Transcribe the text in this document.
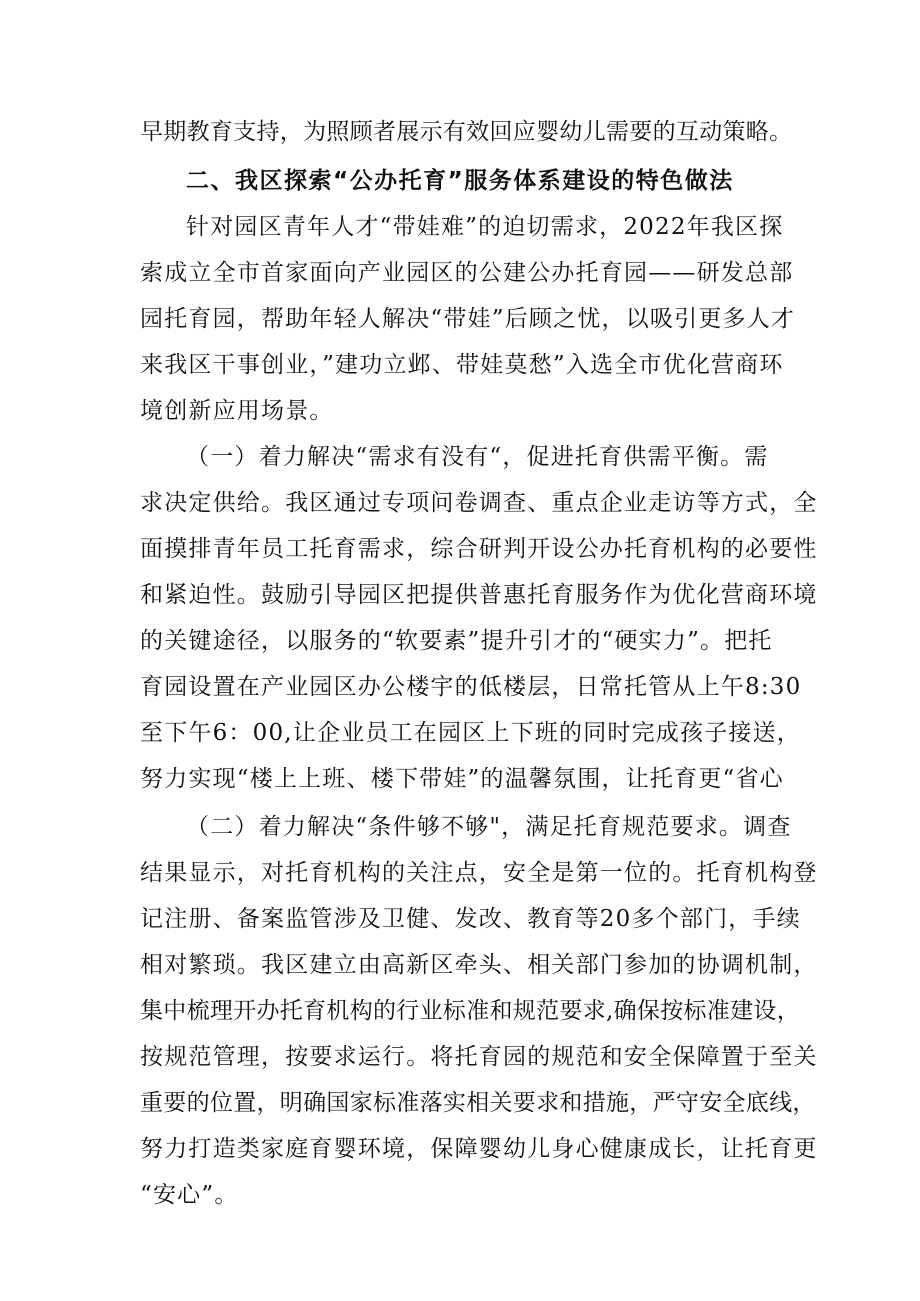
早期教育支持，为照顾者展示有效回应婴幼儿需要的互动策略。
二、我区探索“公办托育”服务体系建设的特色做法
针对园区青年人才“带娃难”的迫切需求，2022年我区探
索成立全市首家面向产业园区的公建公办托育园——研发总部
园托育园，帮助年轻人解决“带娃”后顾之忧，以吸引更多人才
来我区干事创业，”建功立邺、带娃莫愁”入选全市优化营商环
境创新应用场景。
（一）着力解决“需求有没有“，促进托育供需平衡。需
求决定供给。我区通过专项问卷调查、重点企业走访等方式，全
面摸排青年员工托育需求，综合研判开设公办托育机构的必要性
和紧迫性。鼓励引导园区把提供普惠托育服务作为优化营商环境
的关键途径，以服务的“软要素”提升引才的“硬实力”。把托
育园设置在产业园区办公楼宇的低楼层，日常托管从上午8:30
至下午6：00,让企业员工在园区上下班的同时完成孩子接送，
努力实现“楼上上班、楼下带娃”的温馨氛围，让托育更“省心
（二）着力解决“条件够不够"，满足托育规范要求。调查
结果显示，对托育机构的关注点，安全是第一位的。托育机构登
记注册、备案监管涉及卫健、发改、教育等20多个部门，手续
相对繁琐。我区建立由高新区牵头、相关部门参加的协调机制，
集中梳理开办托育机构的行业标准和规范要求,确保按标准建设，
按规范管理，按要求运行。将托育园的规范和安全保障置于至关
重要的位置，明确国家标准落实相关要求和措施，严守安全底线，
努力打造类家庭育婴环境，保障婴幼儿身心健康成长，让托育更
“安心”。
